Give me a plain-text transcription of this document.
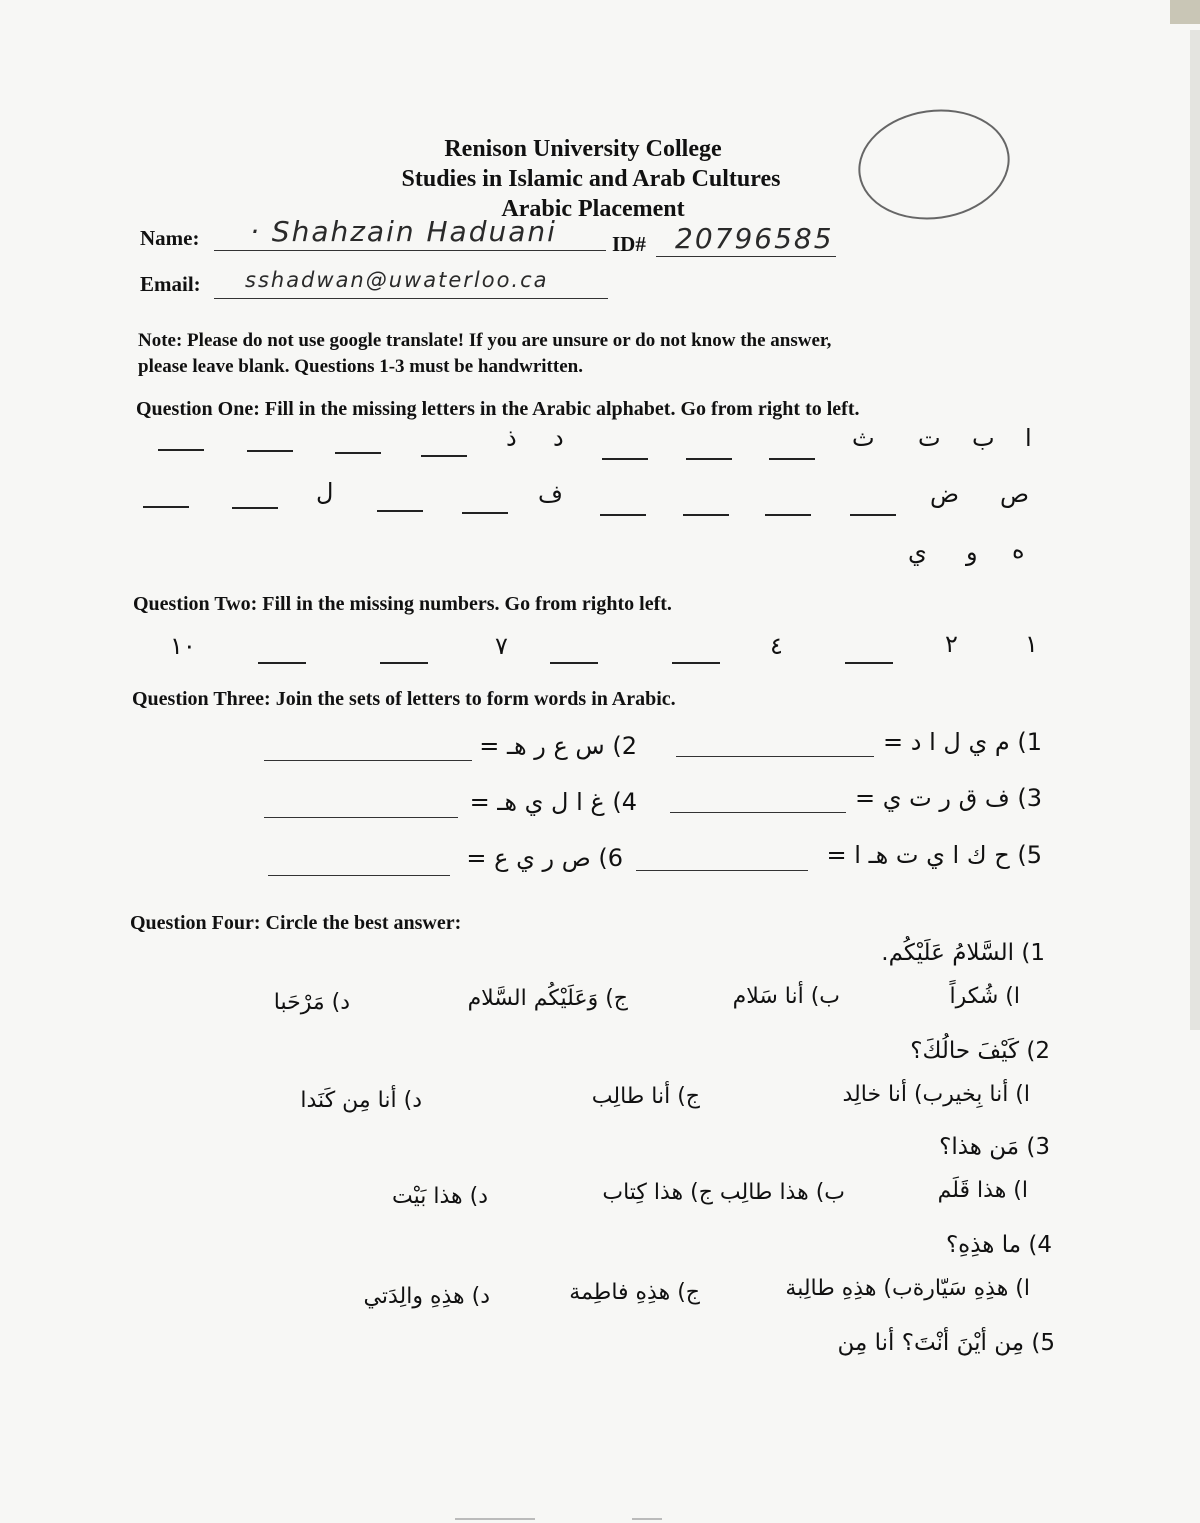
Renison University College
Studies in Islamic and Arab Cultures
Arabic Placement
Name: · Shahzain Haduani	ID# 20796585
Email: sshadwan@uwaterloo.ca
Note: Please do not use google translate! If you are unsure or do not know the answer,
please leave blank. Questions 1-3 must be handwritten.
Question One: Fill in the missing letters in the Arabic alphabet. Go from right to left.
ا
ب
ت
ث
د
ذ
ص
ض
ف
ل
ه
و
ي
Question Two: Fill in the missing numbers. Go from righto left.
١
٢
٤
٧
١٠
Question Three: Join the sets of letters to form words in Arabic.
1) م ي ل ا د =
2) س ع ر هـ =
3) ف ق ر ت ي =
4) غ ا ل ي هـ =
5) ح ك ا ي ت هـ ا =
6) ص ر ي ع =
Question Four: Circle the best answer:
1) السَّلامُ عَلَيْكُم.
ا) شُكراً
ب) أنا سَلام
ج) وَعَلَيْكُم السَّلام
د) مَرْحَبا
2) كَيْفَ حالُكَ؟
ا) أنا بِخيرب) أنا خالِد
ج) أنا طالِب
د) أنا مِن كَنَدا
3) مَن هذا؟
ا) هذا قَلَم
ب) هذا طالِب ج) هذا كِتاب
د) هذا بَيْت
4) ما هذِهِ؟
ا) هذِهِ سَيّارةب) هذِهِ طالِبة
ج) هذِهِ فاطِمة
د) هذِهِ والِدَتي
5) مِن أيْنَ أنْتَ؟ أنا مِن
